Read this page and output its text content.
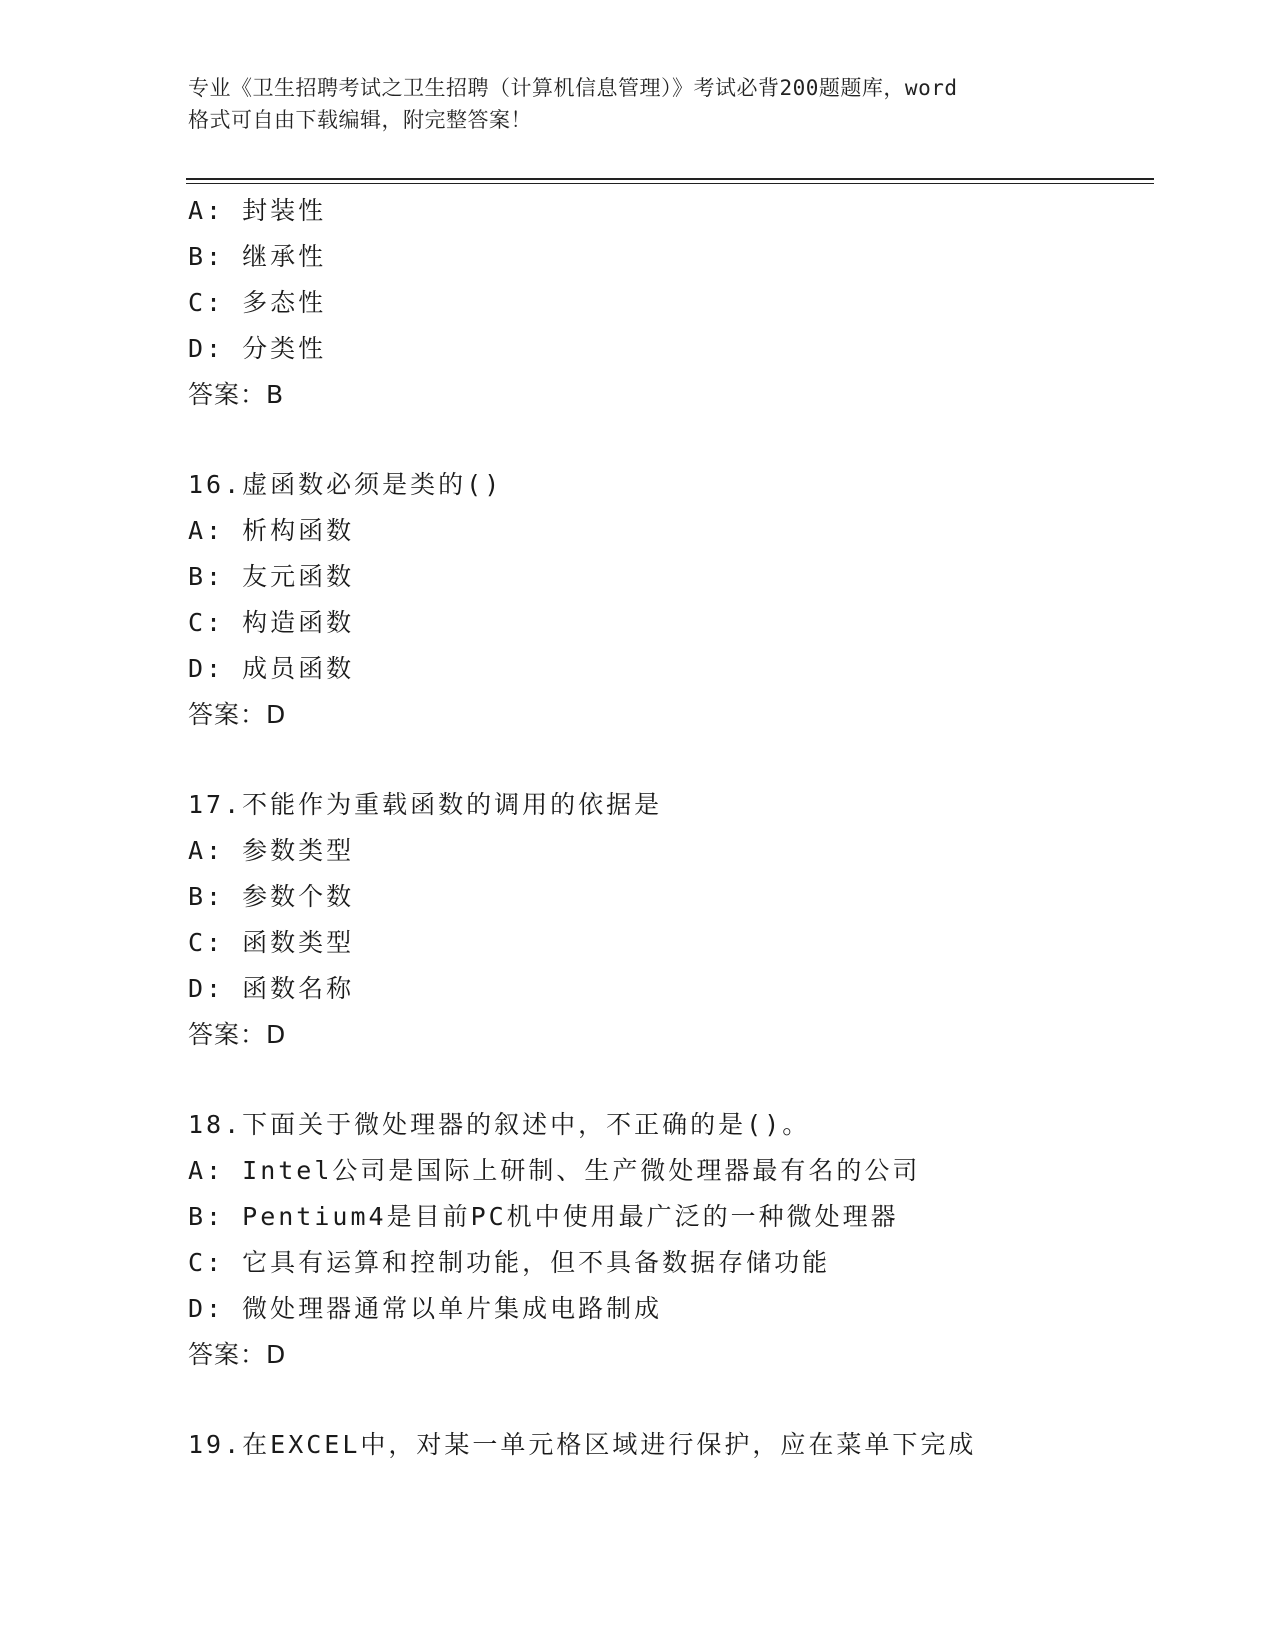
专业《卫生招聘考试之卫生招聘（计算机信息管理）》考试必背200题题库，word
格式可自由下载编辑，附完整答案！
A: 封装性
B: 继承性
C: 多态性
D: 分类性
答案：B
16.虚函数必须是类的()
A: 析构函数
B: 友元函数
C: 构造函数
D: 成员函数
答案：D
17.不能作为重载函数的调用的依据是
A: 参数类型
B: 参数个数
C: 函数类型
D: 函数名称
答案：D
18.下面关于微处理器的叙述中，不正确的是()。
A: Intel公司是国际上研制、生产微处理器最有名的公司
B: Pentium4是目前PC机中使用最广泛的一种微处理器
C: 它具有运算和控制功能，但不具备数据存储功能
D: 微处理器通常以单片集成电路制成
答案：D
19.在EXCEL中，对某一单元格区域进行保护，应在菜单下完成
